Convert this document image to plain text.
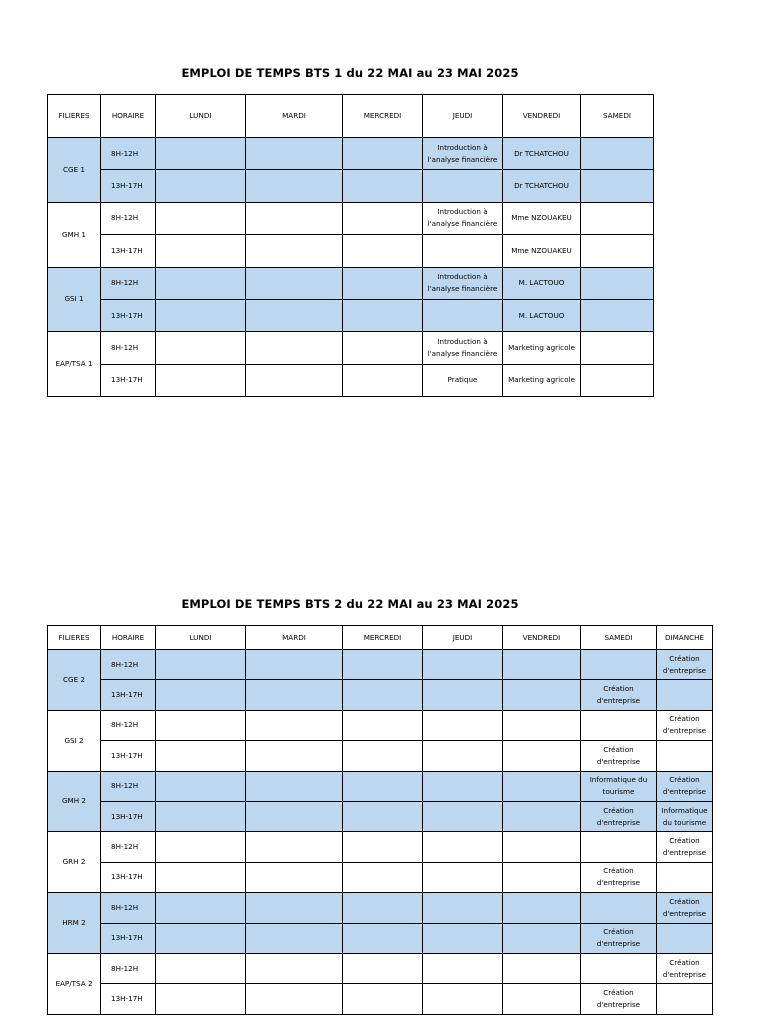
EMPLOI DE TEMPS BTS 1 du 22 MAI au 23 MAI 2025
FILIERES	HORAIRE	LUNDI	MARDI	MERCREDI	JEUDI	VENDREDI	SAMEDI
CGE 1	8H-12H				Introduction à l'analyse financière	Dr TCHATCHOU	
	13H-17H					Dr TCHATCHOU	
GMH 1	8H-12H				Introduction à l'analyse financière	Mme NZOUAKEU	
	13H-17H					Mme NZOUAKEU	
GSI 1	8H-12H				Introduction à l'analyse financière	M. LACTOUO	
	13H-17H					M. LACTOUO	
EAP/TSA 1	8H-12H				Introduction à l'analyse financière	Marketing agricole	
	13H-17H				Pratique	Marketing agricole	
EMPLOI DE TEMPS BTS 2 du 22 MAI au 23 MAI 2025
FILIERES	HORAIRE	LUNDI	MARDI	MERCREDI	JEUDI	VENDREDI	SAMEDI	DIMANCHE
CGE 2	8H-12H							Création d'entreprise
	13H-17H						Création d'entreprise	
GSI 2	8H-12H							Création d'entreprise
	13H-17H						Création d'entreprise	
GMH 2	8H-12H						Informatique du tourisme	Création d'entreprise
	13H-17H						Création d'entreprise	Informatique du tourisme
GRH 2	8H-12H							Création d'entreprise
	13H-17H						Création d'entreprise	
HRM 2	8H-12H							Création d'entreprise
	13H-17H						Création d'entreprise	
EAP/TSA 2	8H-12H							Création d'entreprise
	13H-17H						Création d'entreprise	
